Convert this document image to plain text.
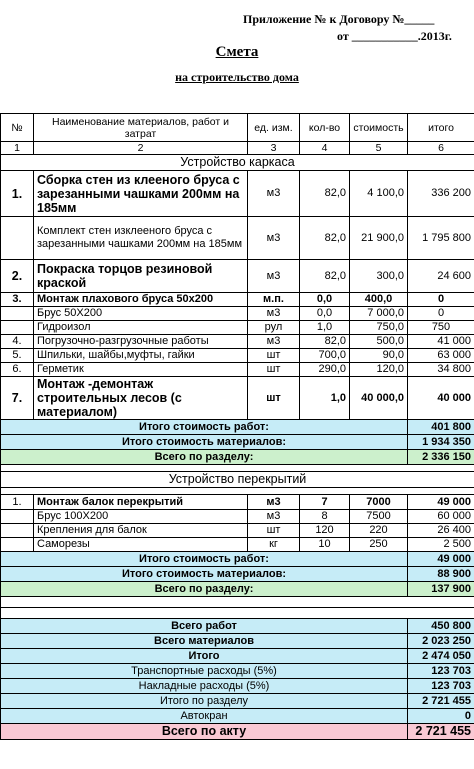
Приложение № к Договору №_____
от ___________.2013г.
Смета
на строительство дома
№	Наименование материалов, работ и затрат	ед. изм.	кол-во	стоимость	итого
1	2	3	4	5	6
Устройство каркаса					
1.	Сборка стен из клееного бруса с зарезанными чашками 200мм на 185мм	м3	82,0	4 100,0	336 200
	Комплект стен изклееного бруса с зарезанными чашками 200мм на 185мм	м3	82,0	21 900,0	1 795 800
2.	Покраска торцов резиновой краской	м3	82,0	300,0	24 600
3.	Монтаж плахового бруса 50х200	м.п.	0,0	400,0	0
	Брус 50Х200	м3	0,0	7 000,0	0
	Гидроизол	рул	1,0	750,0	750
4.	Погрузочно-разгрузочные работы	м3	82,0	500,0	41 000
5.	Шпильки, шайбы,муфты, гайки	шт	700,0	90,0	63 000
6.	Герметик	шт	290,0	120,0	34 800
7.	Монтаж -демонтаж строительных лесов (с материалом)	шт	1,0	40 000,0	40 000
Итого стоимость работ:					401 800
Итого стоимость материалов:					1 934 350
Всего по разделу:					2 336 150

Устройство перекрытий					

1.	Монтаж балок перекрытий	м3	7	7000	49 000
	Брус 100Х200	м3	8	7500	60 000
	Крепления для балок	шт	120	220	26 400
	Саморезы	кг	10	250	2 500
Итого стоимость работ:					49 000
Итого стоимость материалов:					88 900
Всего по разделу:					137 900

Всего работ					450 800
Всего материалов					2 023 250
Итого					2 474 050
Транспортные расходы (5%)					123 703
Накладные расходы (5%)					123 703
Итого по разделу					2 721 455
Автокран					0
Всего по акту					2 721 455
